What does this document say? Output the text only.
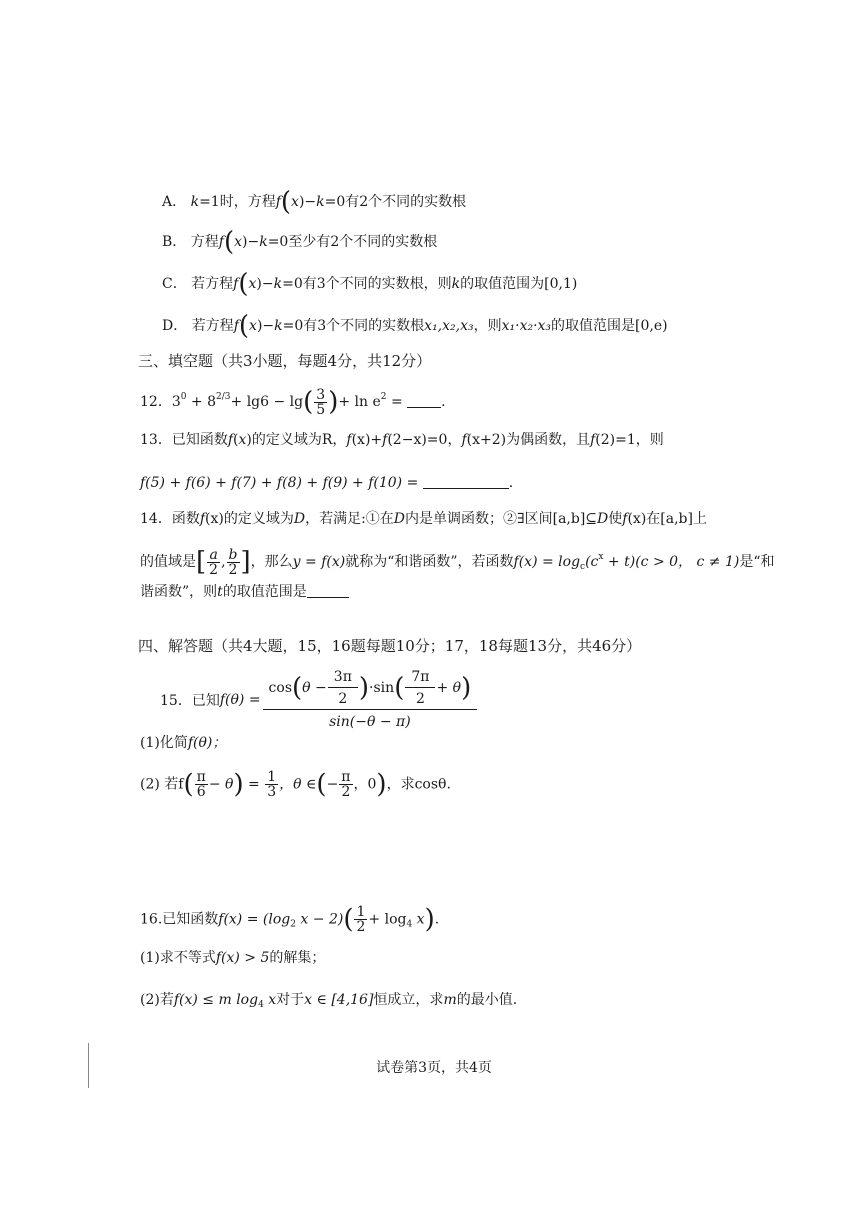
A． k=1时，方程f(x)−k=0有2个不同的实数根
B． 方程f(x)−k=0至少有2个不同的实数根
C． 若方程f(x)−k=0有3个不同的实数根，则k的取值范围为[0,1)
D． 若方程f(x)−k=0有3个不同的实数根x₁,x₂,x₃，则x₁·x₂·x₃的取值范围是[0,e)
三、填空题（共3小题，每题4分，共12分）
12．$3^0 + 8^{2/3}+ \lg 6 - \lg( \frac{3}{5}$ )+ $\ln e^2$ = .
13．已知函数f(x)的定义域为R，f(x)+f(2−x)=0，f(x+2)为偶函数，且f(2)=1，则
f(5) + f(6) + f(7) + f(8) + f(9) + f(10) =	.
14．函数f(x)的定义域为D，若满足:①在D内是单调函数；②∃区间[a,b]⊆D使f(x)在[a,b]上
的值域是[ $\frac{a}{2}$ , $\frac{b}{2}$ ]，那么y = f(x)就称为“和谐函数”，若函数$f(x) = \log_c(c^x + t)(c > 0$， c ≠ 1)是“和
谐函数”，则t的取值范围是
四、解答题（共4大题，15，16题每题10分；17，18每题13分，共46分）
15．已知 $f(\theta) = \frac{\cos ( \theta - \frac{3\pi}{2} ) \cdot \sin ( \frac{7\pi}{2} + \theta )}{\sin(-\theta - \pi)}$
(1)化简f(θ)；
(2) 若$f( \frac{\pi}{6} - \theta) = \frac{1}{3}$ ，θ ∈(− $\frac{\pi}{2}$ ，0)，求cosθ.
16.已知函数$f(x) = (\log_2$ $x - 2)( \frac{1}{2} + \log_4 x)$.
(1)求不等式f(x) > 5的解集；
(2)若f(x) ≤ m $\log_4 x$对于x ∈ [4,16]恒成立，求m的最小值.
试卷第3页，共4页
